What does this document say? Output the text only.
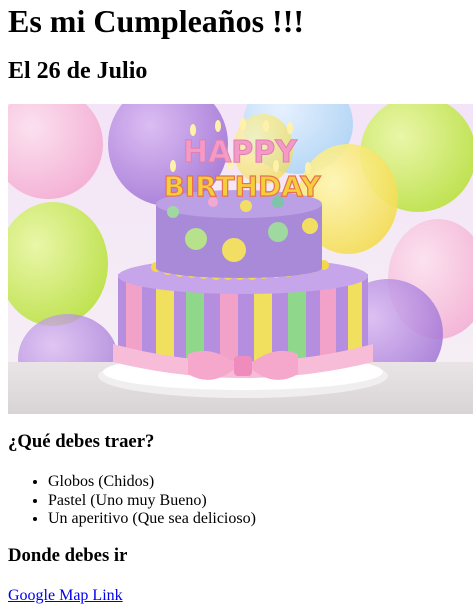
Es mi Cumpleaños !!!
El 26 de Julio
HAPPY
BIRTHDAY
¿Qué debes traer?
• Globos (Chidos)
• Pastel (Uno muy Bueno)
• Un aperitivo (Que sea delicioso)
Donde debes ir
Google Map Link
